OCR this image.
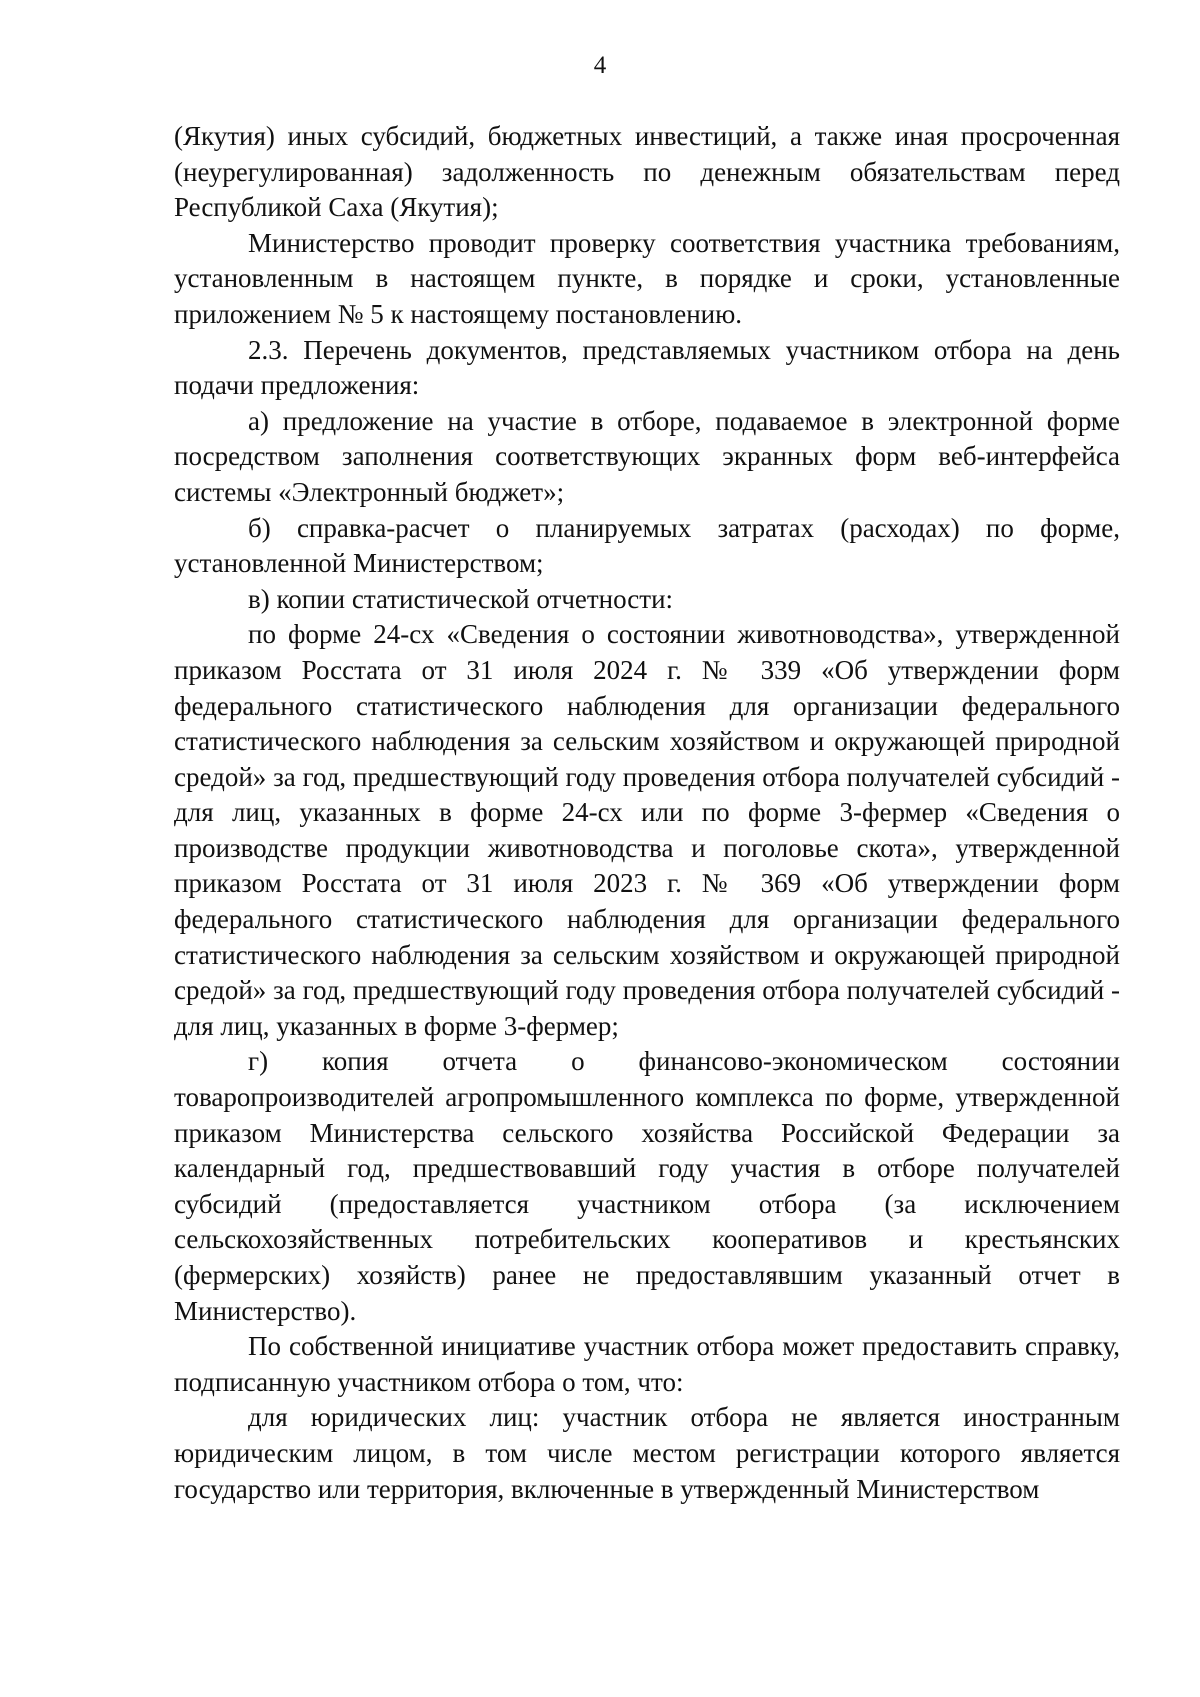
4

(Якутия) иных субсидий, бюджетных инвестиций, а также иная просроченная (неурегулированная) задолженность по денежным обязательствам перед Республикой Саха (Якутия);

Министерство проводит проверку соответствия участника требованиям, установленным в настоящем пункте, в порядке и сроки, установленные приложением № 5 к настоящему постановлению.

2.3. Перечень документов, представляемых участником отбора на день подачи предложения:

а) предложение на участие в отборе, подаваемое в электронной форме посредством заполнения соответствующих экранных форм веб-интерфейса системы «Электронный бюджет»;

б) справка-расчет о планируемых затратах (расходах) по форме, установленной Министерством;

в) копии статистической отчетности:

по форме 24-сх «Сведения о состоянии животноводства», утвержденной приказом Росстата от 31 июля 2024 г. № 339 «Об утверждении форм федерального статистического наблюдения для организации федерального статистического наблюдения за сельским хозяйством и окружающей природной средой» за год, предшествующий году проведения отбора получателей субсидий - для лиц, указанных в форме 24-сх или по форме 3-фермер «Сведения о производстве продукции животноводства и поголовье скота», утвержденной приказом Росстата от 31 июля 2023 г. № 369 «Об утверждении форм федерального статистического наблюдения для организации федерального статистического наблюдения за сельским хозяйством и окружающей природной средой» за год, предшествующий году проведения отбора получателей субсидий - для лиц, указанных в форме 3-фермер;

г) копия отчета о финансово-экономическом состоянии товаропроизводителей агропромышленного комплекса по форме, утвержденной приказом Министерства сельского хозяйства Российской Федерации за календарный год, предшествовавший году участия в отборе получателей субсидий (предоставляется участником отбора (за исключением сельскохозяйственных потребительских кооперативов и крестьянских (фермерских) хозяйств) ранее не предоставлявшим указанный отчет в Министерство).

По собственной инициативе участник отбора может предоставить справку, подписанную участником отбора о том, что:

для юридических лиц: участник отбора не является иностранным юридическим лицом, в том числе местом регистрации которого является государство или территория, включенные в утвержденный Министерством
